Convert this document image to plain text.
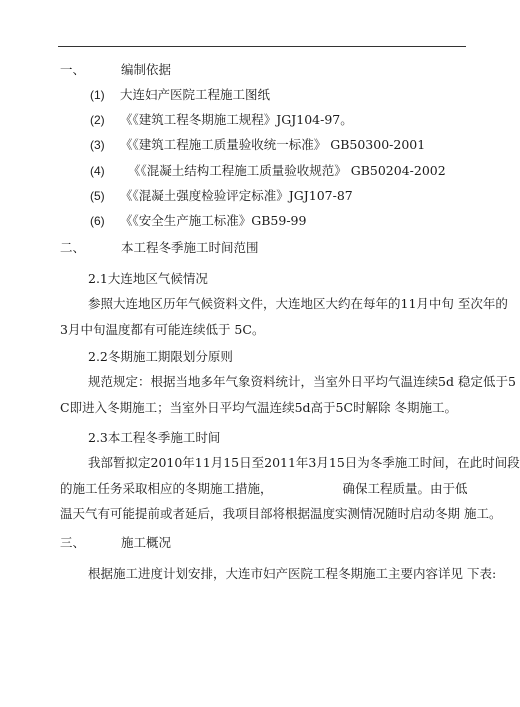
一、	编制依据
(1) 大连妇产医院工程施工图纸
(2) 《《建筑工程冬期施工规程》JGJ104-97。
(3) 《《建筑工程施工质量验收统一标准》 GB50300-2001
(4) 《《混凝土结构工程施工质量验收规范》 GB50204-2002
(5) 《《混凝土强度检验评定标准》JGJ107-87
(6) 《《安全生产施工标准》GB59-99
二、	本工程冬季施工时间范围
2.1大连地区气候情况
参照大连地区历年气候资料文件，大连地区大约在每年的11月中旬 至次年的
3月中旬温度都有可能连续低于 5C。
2.2冬期施工期限划分原则
规范规定：根据当地多年气象资料统计，当室外日平均气温连续 5d 稳定低于5
C即进入冬期施工；当室外日平均气温连续5d高于5C时解除 冬期施工。
2.3本工程冬季施工时间
我部暂拟定2010年11月15日至2011年3月15日为冬季施工时间， 在此时间段
的施工任务采取相应的冬期施工措施，	确保工程质量。由于低
温天气有可能提前或者延后，我项目部将根据温度实测情况随时启动冬期 施工。
三、	施工概况
根据施工进度计划安排，大连市妇产医院工程冬期施工主要内容详见 下表:
